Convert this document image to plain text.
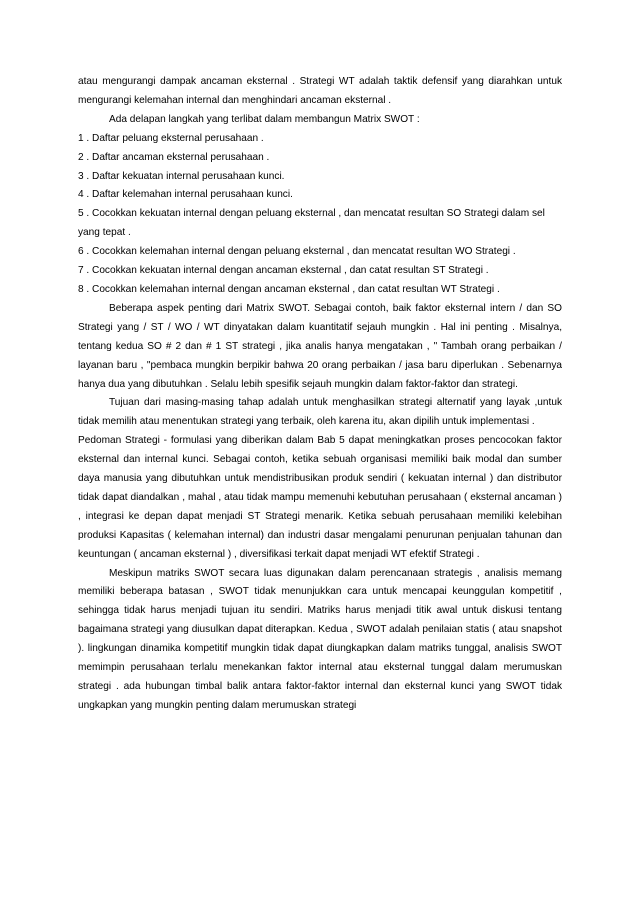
atau mengurangi dampak ancaman eksternal . Strategi WT adalah taktik defensif yang diarahkan untuk mengurangi kelemahan internal dan menghindari ancaman eksternal .

Ada delapan langkah yang terlibat dalam membangun Matrix SWOT :

1 . Daftar peluang eksternal perusahaan .

2 . Daftar ancaman eksternal perusahaan .

3 . Daftar kekuatan internal perusahaan kunci.

4 . Daftar kelemahan internal perusahaan kunci.

5 . Cocokkan kekuatan internal dengan peluang eksternal , dan mencatat resultan SO Strategi dalam sel yang tepat .

6 . Cocokkan kelemahan internal dengan peluang eksternal , dan mencatat resultan WO Strategi .

7 . Cocokkan kekuatan internal dengan ancaman eksternal , dan catat resultan ST Strategi .

8 . Cocokkan kelemahan internal dengan ancaman eksternal , dan catat resultan WT Strategi .

Beberapa aspek penting dari Matrix SWOT. Sebagai contoh, baik faktor eksternal intern / dan SO Strategi yang / ST / WO / WT dinyatakan dalam kuantitatif sejauh mungkin . Hal ini penting . Misalnya, tentang kedua SO # 2 dan # 1 ST strategi , jika analis hanya mengatakan , " Tambah orang perbaikan / layanan baru , "pembaca mungkin berpikir bahwa 20 orang perbaikan / jasa baru diperlukan . Sebenarnya hanya dua yang dibutuhkan . Selalu lebih spesifik sejauh mungkin dalam faktor-faktor dan strategi.

Tujuan dari masing-masing tahap adalah untuk menghasilkan strategi alternatif yang layak ,untuk tidak memilih atau menentukan strategi yang terbaik, oleh karena itu, akan dipilih untuk implementasi .

Pedoman Strategi - formulasi yang diberikan dalam Bab 5 dapat meningkatkan proses pencocokan faktor eksternal dan internal kunci. Sebagai contoh, ketika sebuah organisasi memiliki baik modal dan sumber daya manusia yang dibutuhkan untuk mendistribusikan produk sendiri ( kekuatan internal ) dan distributor tidak dapat diandalkan , mahal , atau tidak mampu memenuhi kebutuhan perusahaan ( eksternal ancaman ) , integrasi ke depan dapat menjadi ST Strategi menarik. Ketika sebuah perusahaan memiliki kelebihan produksi Kapasitas ( kelemahan internal) dan industri dasar mengalami penurunan penjualan tahunan dan keuntungan ( ancaman eksternal ) , diversifikasi terkait dapat menjadi WT efektif Strategi .

Meskipun matriks SWOT secara luas digunakan dalam perencanaan strategis , analisis memang memiliki beberapa batasan , SWOT tidak menunjukkan cara untuk mencapai keunggulan kompetitif , sehingga tidak harus menjadi tujuan itu sendiri. Matriks harus menjadi titik awal untuk diskusi tentang bagaimana strategi yang diusulkan dapat diterapkan. Kedua , SWOT adalah penilaian statis ( atau snapshot ). lingkungan dinamika kompetitif mungkin tidak dapat diungkapkan dalam matriks tunggal, analisis SWOT memimpin perusahaan terlalu menekankan faktor internal atau eksternal tunggal dalam merumuskan strategi . ada hubungan timbal balik antara faktor-faktor internal dan eksternal kunci yang SWOT tidak ungkapkan yang mungkin penting dalam merumuskan strategi
